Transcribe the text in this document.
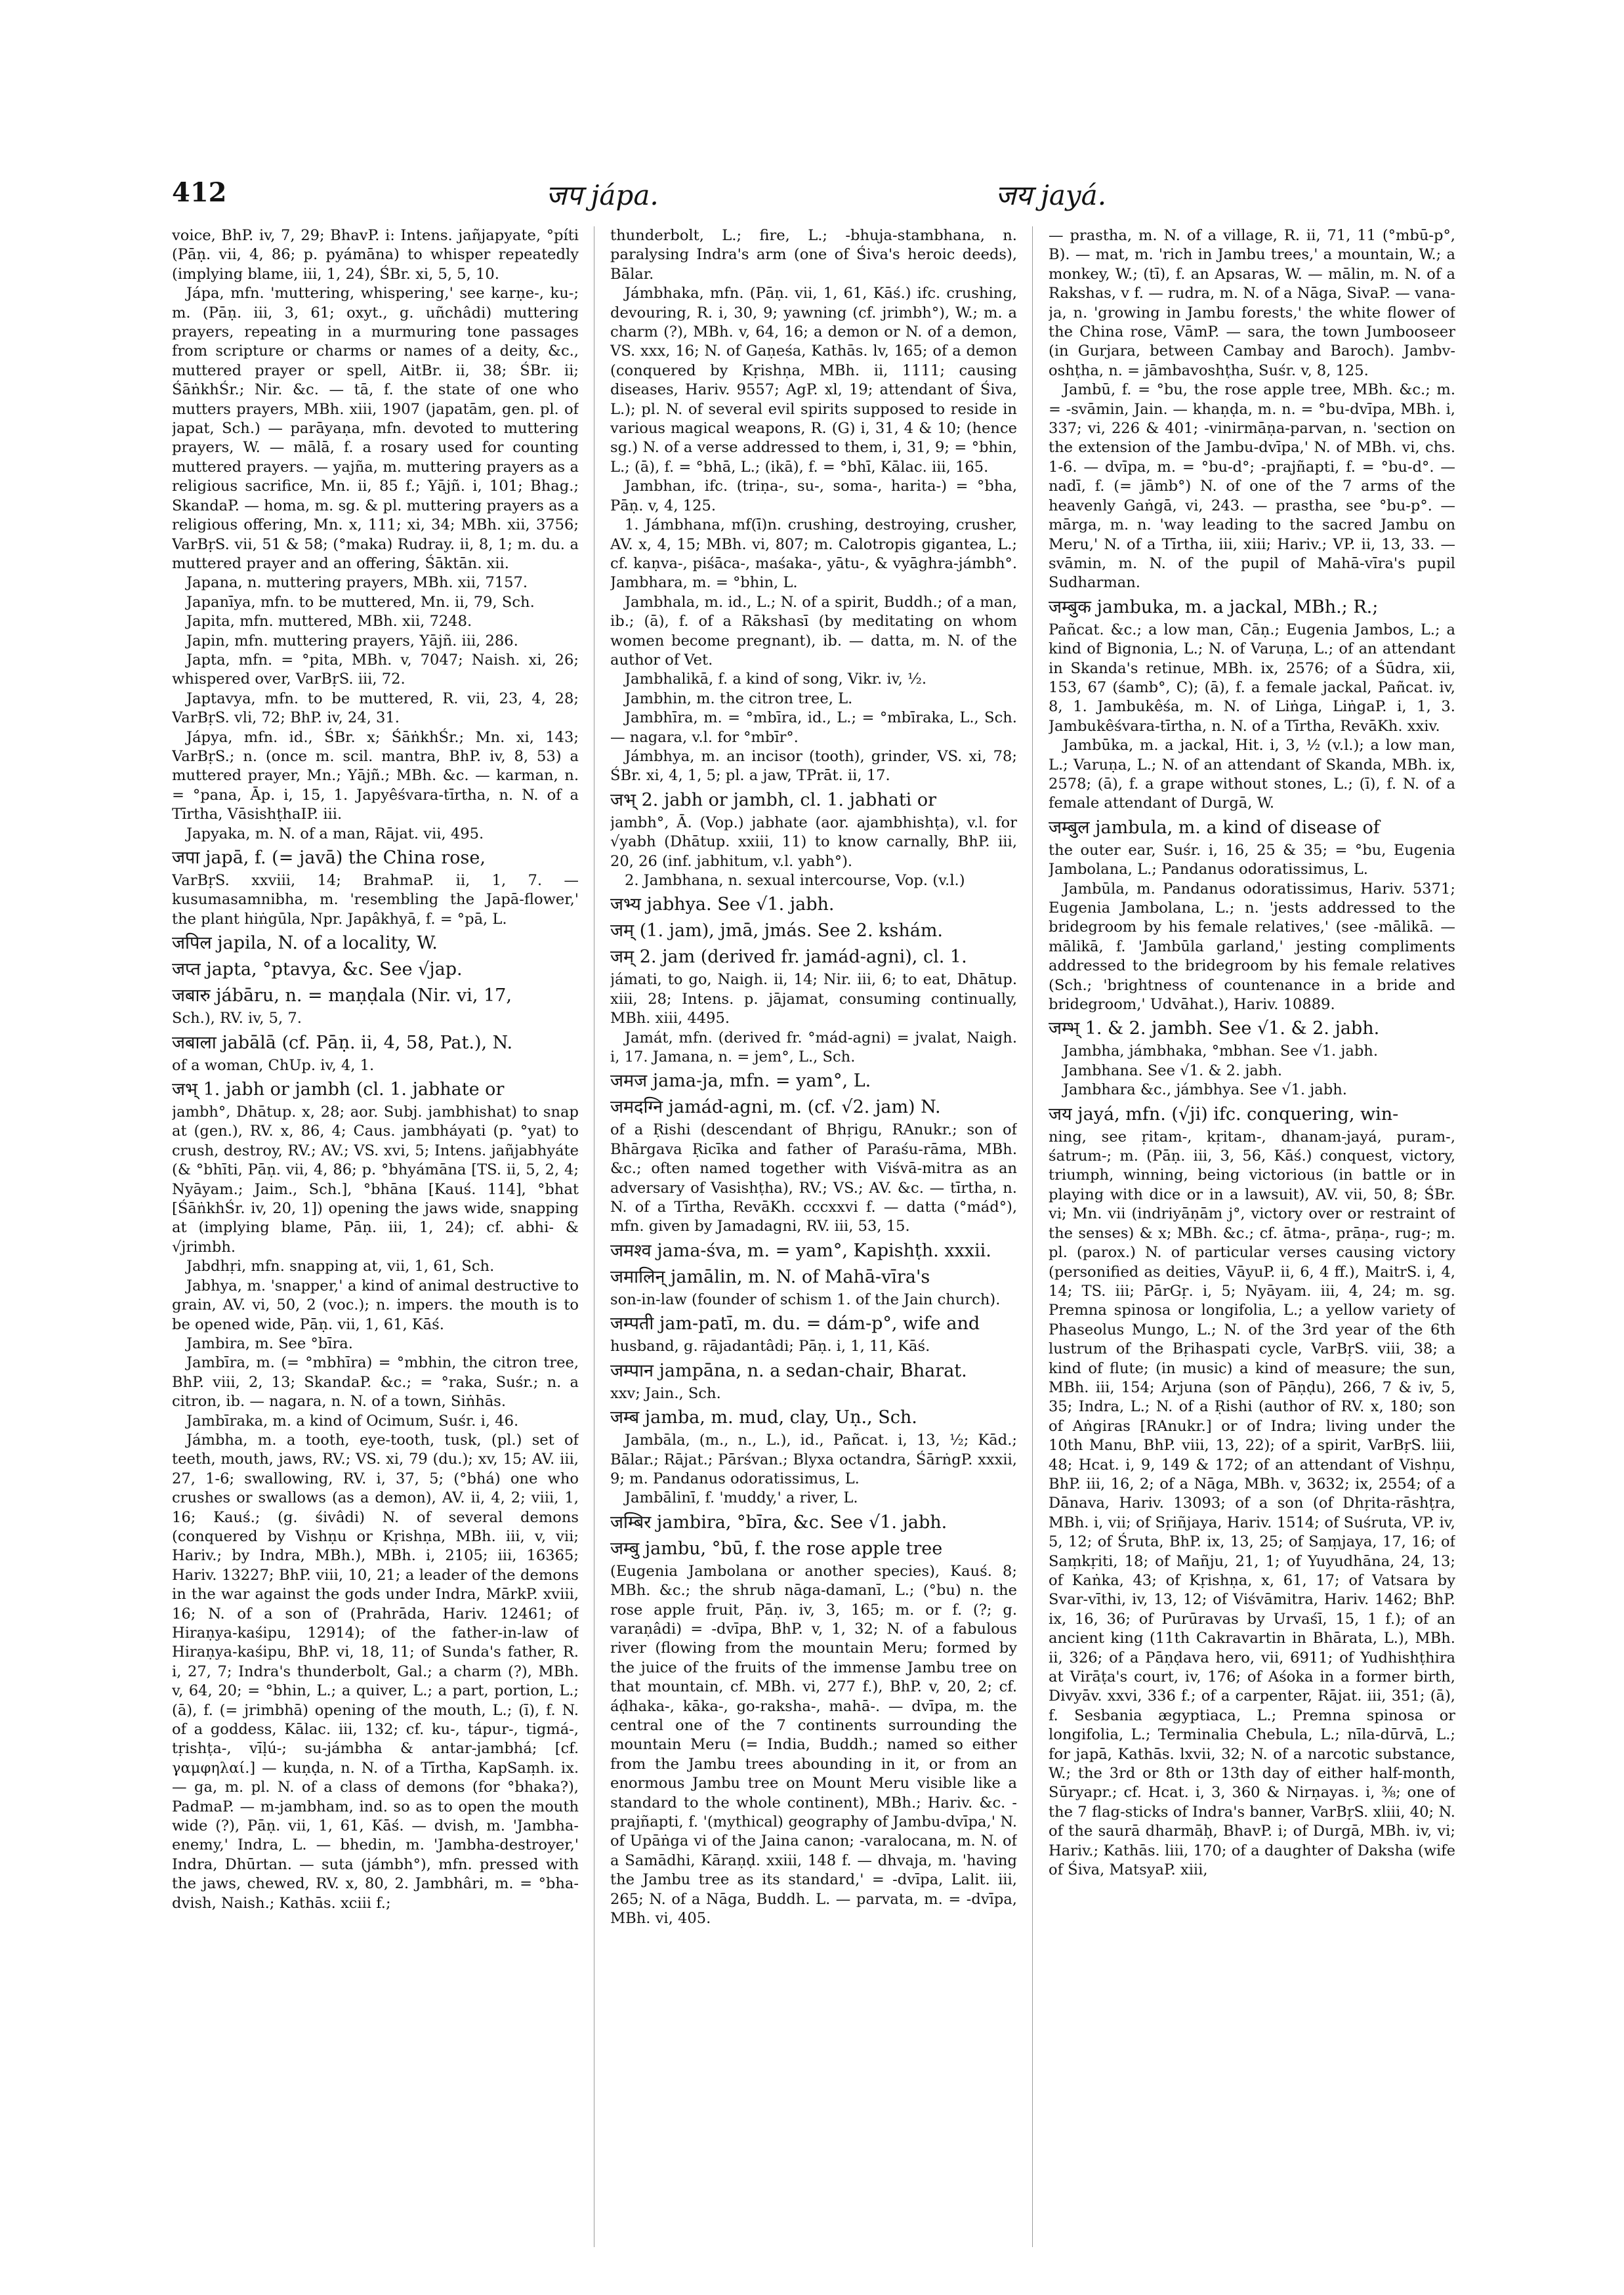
412	जप jápa.	जय jayá.

voice, BhP. iv, 7, 29; BhavP. i: Intens. jañjapyate, °píti (Pāṇ. vii, 4, 86; p. pyámāna) to whisper repeatedly (implying blame, iii, 1, 24), ŚBr. xi, 5, 5, 10.

Jápa, mfn. 'muttering, whispering,' see karṇe-, ku-; m. (Pāṇ. iii, 3, 61; oxyt., g. uñchâdi) muttering prayers, repeating in a murmuring tone passages from scripture or charms or names of a deity, &c., muttered prayer or spell, AitBr. ii, 38; ŚBr. ii; ŚāṅkhŚr.; Nir. &c. — tā, f. the state of one who mutters prayers, MBh. xiii, 1907 (japatām, gen. pl. of japat, Sch.) — parāyaṇa, mfn. devoted to muttering prayers, W. — mālā, f. a rosary used for counting muttered prayers. — yajña, m. muttering prayers as a religious sacrifice, Mn. ii, 85 f.; Yājñ. i, 101; Bhag.; SkandaP. — homa, m. sg. & pl. muttering prayers as a religious offering, Mn. x, 111; xi, 34; MBh. xii, 3756; VarBṛS. vii, 51 & 58; (°maka) Rudray. ii, 8, 1; m. du. a muttered prayer and an offering, Śāktān. xii.

Japana, n. muttering prayers, MBh. xii, 7157.

Japanīya, mfn. to be muttered, Mn. ii, 79, Sch.

Japita, mfn. muttered, MBh. xii, 7248.

Japin, mfn. muttering prayers, Yājñ. iii, 286.

Japta, mfn. = °pita, MBh. v, 7047; Naish. xi, 26; whispered over, VarBṛS. iii, 72.

Japtavya, mfn. to be muttered, R. vii, 23, 4, 28; VarBṛS. vli, 72; BhP. iv, 24, 31.

Jápya, mfn. id., ŚBr. x; ŚāṅkhŚr.; Mn. xi, 143; VarBṛS.; n. (once m. scil. mantra, BhP. iv, 8, 53) a muttered prayer, Mn.; Yājñ.; MBh. &c. — karman, n. = °pana, Āp. i, 15, 1. Japyêśvara-tīrtha, n. N. of a Tīrtha, VāsishṭhaIP. iii.

Japyaka, m. N. of a man, Rājat. vii, 495.

जपा japā, f. (= javā) the China rose,

VarBṛS. xxviii, 14; BrahmaP. ii, 1, 7. — kusumasamnibha, m. 'resembling the Japā-flower,' the plant hiṅgūla, Npr. Japâkhyā, f. = °pā, L.

जपिल japila, N. of a locality, W.

जप्त japta, °ptavya, &c. See √jap.

जबारु jábāru, n. = maṇḍala (Nir. vi, 17,

Sch.), RV. iv, 5, 7.

जबाला jabālā (cf. Pāṇ. ii, 4, 58, Pat.), N.

of a woman, ChUp. iv, 4, 1.

जभ् 1. jabh or jambh (cl. 1. jabhate or

jambh°, Dhātup. x, 28; aor. Subj. jambhishat) to snap at (gen.), RV. x, 86, 4; Caus. jambháyati (p. °yat) to crush, destroy, RV.; AV.; VS. xvi, 5; Intens. jañjabhyáte (& °bhīti, Pāṇ. vii, 4, 86; p. °bhyámāna [TS. ii, 5, 2, 4; Nyāyam.; Jaim., Sch.], °bhāna [Kauś. 114], °bhat [ŚāṅkhŚr. iv, 20, 1]) opening the jaws wide, snapping at (implying blame, Pāṇ. iii, 1, 24); cf. abhi- & √jrimbh.

Jabdhṛi, mfn. snapping at, vii, 1, 61, Sch.

Jabhya, m. 'snapper,' a kind of animal destructive to grain, AV. vi, 50, 2 (voc.); n. impers. the mouth is to be opened wide, Pāṇ. vii, 1, 61, Kāś.

Jambira, m. See °bīra.

Jambīra, m. (= °mbhīra) = °mbhin, the citron tree, BhP. viii, 2, 13; SkandaP. &c.; = °raka, Suśr.; n. a citron, ib. — nagara, n. N. of a town, Siṅhās.

Jambīraka, m. a kind of Ocimum, Suśr. i, 46.

Jámbha, m. a tooth, eye-tooth, tusk, (pl.) set of teeth, mouth, jaws, RV.; VS. xi, 79 (du.); xv, 15; AV. iii, 27, 1-6; swallowing, RV. i, 37, 5; (°bhá) one who crushes or swallows (as a demon), AV. ii, 4, 2; viii, 1, 16; Kauś.; (g. śivâdi) N. of several demons (conquered by Vishṇu or Kṛishṇa, MBh. iii, v, vii; Hariv.; by Indra, MBh.), MBh. i, 2105; iii, 16365; Hariv. 13227; BhP. viii, 10, 21; a leader of the demons in the war against the gods under Indra, MārkP. xviii, 16; N. of a son of (Prahrāda, Hariv. 12461; of Hiraṇya-kaśipu, 12914); of the father-in-law of Hiraṇya-kaśipu, BhP. vi, 18, 11; of Sunda's father, R. i, 27, 7; Indra's thunderbolt, Gal.; a charm (?), MBh. v, 64, 20; = °bhin, L.; a quiver, L.; a part, portion, L.; (ā), f. (= jrimbhā) opening of the mouth, L.; (ī), f. N. of a goddess, Kālac. iii, 132; cf. ku-, tápur-, tigmá-, tṛishṭa-, vīḷú-; su-jámbha & antar-jambhá; [cf. γαμφηλαί.] — kuṇḍa, n. N. of a Tīrtha, KapSaṃh. ix. — ga, m. pl. N. of a class of demons (for °bhaka?), PadmaP. — m-jambham, ind. so as to open the mouth wide (?), Pāṇ. vii, 1, 61, Kāś. — dvish, m. 'Jambha-enemy,' Indra, L. — bhedin, m. 'Jambha-destroyer,' Indra, Dhūrtan. — suta (jámbh°), mfn. pressed with the jaws, chewed, RV. x, 80, 2. Jambhâri, m. = °bha-dvish, Naish.; Kathās. xciii f.;

thunderbolt, L.; fire, L.; -bhuja-stambhana, n. paralysing Indra's arm (one of Śiva's heroic deeds), Bālar.

Jámbhaka, mfn. (Pāṇ. vii, 1, 61, Kāś.) ifc. crushing, devouring, R. i, 30, 9; yawning (cf. jrimbh°), W.; m. a charm (?), MBh. v, 64, 16; a demon or N. of a demon, VS. xxx, 16; N. of Gaṇeśa, Kathās. lv, 165; of a demon (conquered by Kṛishṇa, MBh. ii, 1111; causing diseases, Hariv. 9557; AgP. xl, 19; attendant of Śiva, L.); pl. N. of several evil spirits supposed to reside in various magical weapons, R. (G) i, 31, 4 & 10; (hence sg.) N. of a verse addressed to them, i, 31, 9; = °bhin, L.; (ā), f. = °bhā, L.; (ikā), f. = °bhī, Kālac. iii, 165.

Jambhan, ifc. (triṇa-, su-, soma-, harita-) = °bha, Pāṇ. v, 4, 125.

1. Jámbhana, mf(ī)n. crushing, destroying, crusher, AV. x, 4, 15; MBh. vi, 807; m. Calotropis gigantea, L.; cf. kaṇva-, piśāca-, maśaka-, yātu-, & vyāghra-jámbh°. Jambhara, m. = °bhin, L.

Jambhala, m. id., L.; N. of a spirit, Buddh.; of a man, ib.; (ā), f. of a Rākshasī (by meditating on whom women become pregnant), ib. — datta, m. N. of the author of Vet.

Jambhalikā, f. a kind of song, Vikr. iv, ½.

Jambhin, m. the citron tree, L.

Jambhīra, m. = °mbīra, id., L.; = °mbīraka, L., Sch. — nagara, v.l. for °mbīr°.

Jámbhya, m. an incisor (tooth), grinder, VS. xi, 78; ŚBr. xi, 4, 1, 5; pl. a jaw, TPrāt. ii, 17.

जभ् 2. jabh or jambh, cl. 1. jabhati or

jambh°, Ā. (Vop.) jabhate (aor. ajambhishṭa), v.l. for √yabh (Dhātup. xxiii, 11) to know carnally, BhP. iii, 20, 26 (inf. jabhitum, v.l. yabh°).

2. Jambhana, n. sexual intercourse, Vop. (v.l.)

जभ्य jabhya. See √1. jabh.

जम् (1. jam), jmā, jmás. See 2. kshám.

जम् 2. jam (derived fr. jamád-agni), cl. 1.

jámati, to go, Naigh. ii, 14; Nir. iii, 6; to eat, Dhātup. xiii, 28; Intens. p. jājamat, consuming continually, MBh. xiii, 4495.

Jamát, mfn. (derived fr. °mád-agni) = jvalat, Naigh. i, 17. Jamana, n. = jem°, L., Sch.

जमज jama-ja, mfn. = yam°, L.

जमदग्नि jamád-agni, m. (cf. √2. jam) N.

of a Ṛishi (descendant of Bhṛigu, RAnukr.; son of Bhārgava Ṛicīka and father of Paraśu-rāma, MBh. &c.; often named together with Viśvā-mitra as an adversary of Vasishṭha), RV.; VS.; AV. &c. — tīrtha, n. N. of a Tīrtha, RevāKh. cccxxvi f. — datta (°mád°), mfn. given by Jamadagni, RV. iii, 53, 15.

जमश्व jama-śva, m. = yam°, Kapishṭh. xxxii.

जमालिन् jamālin, m. N. of Mahā-vīra's

son-in-law (founder of schism 1. of the Jain church).

जम्पती jam-patī, m. du. = dám-p°, wife and

husband, g. rājadantâdi; Pāṇ. i, 1, 11, Kāś.

जम्पान jampāna, n. a sedan-chair, Bharat.

xxv; Jain., Sch.

जम्ब jamba, m. mud, clay, Uṇ., Sch.

Jambāla, (m., n., L.), id., Pañcat. i, 13, ½; Kād.; Bālar.; Rājat.; Pārśvan.; Blyxa octandra, ŚārṅgP. xxxii, 9; m. Pandanus odoratissimus, L.

Jambālinī, f. 'muddy,' a river, L.

जम्बिर jambira, °bīra, &c. See √1. jabh.

जम्बु jambu, °bū, f. the rose apple tree

(Eugenia Jambolana or another species), Kauś. 8; MBh. &c.; the shrub nāga-damanī, L.; (°bu) n. the rose apple fruit, Pāṇ. iv, 3, 165; m. or f. (?; g. varaṇâdi) = -dvīpa, BhP. v, 1, 32; N. of a fabulous river (flowing from the mountain Meru; formed by the juice of the fruits of the immense Jambu tree on that mountain, cf. MBh. vi, 277 f.), BhP. v, 20, 2; cf. áḍhaka-, kāka-, go-raksha-, mahā-. — dvīpa, m. the central one of the 7 continents surrounding the mountain Meru (= India, Buddh.; named so either from the Jambu trees abounding in it, or from an enormous Jambu tree on Mount Meru visible like a standard to the whole continent), MBh.; Hariv. &c. -prajñapti, f. '(mythical) geography of Jambu-dvīpa,' N. of Upāṅga vi of the Jaina canon; -varalocana, m. N. of a Samādhi, Kāraṇḍ. xxiii, 148 f. — dhvaja, m. 'having the Jambu tree as its standard,' = -dvīpa, Lalit. iii, 265; N. of a Nāga, Buddh. L. — parvata, m. = -dvīpa, MBh. vi, 405.

— prastha, m. N. of a village, R. ii, 71, 11 (°mbū-p°, B). — mat, m. 'rich in Jambu trees,' a mountain, W.; a monkey, W.; (tī), f. an Apsaras, W. — mālin, m. N. of a Rakshas, v f. — rudra, m. N. of a Nāga, SivaP. — vana-ja, n. 'growing in Jambu forests,' the white flower of the China rose, VāmP. — sara, the town Jumbooseer (in Gurjara, between Cambay and Baroch). Jambv-oshṭha, n. = jāmbavoshṭha, Suśr. v, 8, 125.

Jambū, f. = °bu, the rose apple tree, MBh. &c.; m. = -svāmin, Jain. — khaṇḍa, m. n. = °bu-dvīpa, MBh. i, 337; vi, 226 & 401; -vinirmāṇa-parvan, n. 'section on the extension of the Jambu-dvīpa,' N. of MBh. vi, chs. 1-6. — dvīpa, m. = °bu-d°; -prajñapti, f. = °bu-d°. — nadī, f. (= jāmb°) N. of one of the 7 arms of the heavenly Gaṅgā, vi, 243. — prastha, see °bu-p°. — mārga, m. n. 'way leading to the sacred Jambu on Meru,' N. of a Tīrtha, iii, xiii; Hariv.; VP. ii, 13, 33. — svāmin, m. N. of the pupil of Mahā-vīra's pupil Sudharman.

जम्बुक jambuka, m. a jackal, MBh.; R.;

Pañcat. &c.; a low man, Cāṇ.; Eugenia Jambos, L.; a kind of Bignonia, L.; N. of Varuṇa, L.; of an attendant in Skanda's retinue, MBh. ix, 2576; of a Śūdra, xii, 153, 67 (śamb°, C); (ā), f. a female jackal, Pañcat. iv, 8, 1. Jambukêśa, m. N. of Liṅga, LiṅgaP. i, 1, 3. Jambukêśvara-tīrtha, n. N. of a Tīrtha, RevāKh. xxiv.

Jambūka, m. a jackal, Hit. i, 3, ½ (v.l.); a low man, L.; Varuṇa, L.; N. of an attendant of Skanda, MBh. ix, 2578; (ā), f. a grape without stones, L.; (ī), f. N. of a female attendant of Durgā, W.

जम्बुल jambula, m. a kind of disease of

the outer ear, Suśr. i, 16, 25 & 35; = °bu, Eugenia Jambolana, L.; Pandanus odoratissimus, L.

Jambūla, m. Pandanus odoratissimus, Hariv. 5371; Eugenia Jambolana, L.; n. 'jests addressed to the bridegroom by his female relatives,' (see -mālikā. — mālikā, f. 'Jambūla garland,' jesting compliments addressed to the bridegroom by his female relatives (Sch.; 'brightness of countenance in a bride and bridegroom,' Udvāhat.), Hariv. 10889.

जम्भ् 1. & 2. jambh. See √1. & 2. jabh.

Jambha, jámbhaka, °mbhan. See √1. jabh.

Jambhana. See √1. & 2. jabh.

Jambhara &c., jámbhya. See √1. jabh.

जय jayá, mfn. (√ji) ifc. conquering, win-

ning, see ṛitam-, kṛitam-, dhanam-jayá, puram-, śatrum-; m. (Pāṇ. iii, 3, 56, Kāś.) conquest, victory, triumph, winning, being victorious (in battle or in playing with dice or in a lawsuit), AV. vii, 50, 8; ŚBr. vi; Mn. vii (indriyāṇām j°, victory over or restraint of the senses) & x; MBh. &c.; cf. ātma-, prāṇa-, rug-; m. pl. (parox.) N. of particular verses causing victory (personified as deities, VāyuP. ii, 6, 4 ff.), MaitrS. i, 4, 14; TS. iii; PārGṛ. i, 5; Nyāyam. iii, 4, 24; m. sg. Premna spinosa or longifolia, L.; a yellow variety of Phaseolus Mungo, L.; N. of the 3rd year of the 6th lustrum of the Bṛihaspati cycle, VarBṛS. viii, 38; a kind of flute; (in music) a kind of measure; the sun, MBh. iii, 154; Arjuna (son of Pāṇḍu), 266, 7 & iv, 5, 35; Indra, L.; N. of a Ṛishi (author of RV. x, 180; son of Aṅgiras [RAnukr.] or of Indra; living under the 10th Manu, BhP. viii, 13, 22); of a spirit, VarBṛS. liii, 48; Hcat. i, 9, 149 & 172; of an attendant of Vishṇu, BhP. iii, 16, 2; of a Nāga, MBh. v, 3632; ix, 2554; of a Dānava, Hariv. 13093; of a son (of Dhṛita-rāshṭra, MBh. i, vii; of Sṛiñjaya, Hariv. 1514; of Suśruta, VP. iv, 5, 12; of Śruta, BhP. ix, 13, 25; of Saṃjaya, 17, 16; of Saṃkṛiti, 18; of Mañju, 21, 1; of Yuyudhāna, 24, 13; of Kaṅka, 43; of Kṛishṇa, x, 61, 17; of Vatsara by Svar-vīthi, iv, 13, 12; of Viśvāmitra, Hariv. 1462; BhP. ix, 16, 36; of Purūravas by Urvaśī, 15, 1 f.); of an ancient king (11th Cakravartin in Bhārata, L.), MBh. ii, 326; of a Pāṇḍava hero, vii, 6911; of Yudhishṭhira at Virāṭa's court, iv, 176; of Aśoka in a former birth, Divyāv. xxvi, 336 f.; of a carpenter, Rājat. iii, 351; (ā), f. Sesbania ægyptiaca, L.; Premna spinosa or longifolia, L.; Terminalia Chebula, L.; nīla-dūrvā, L.; for japā, Kathās. lxvii, 32; N. of a narcotic substance, W.; the 3rd or 8th or 13th day of either half-month, Sūryapr.; cf. Hcat. i, 3, 360 & Nirṇayas. i, ⅜; one of the 7 flag-sticks of Indra's banner, VarBṛS. xliii, 40; N. of the saurā dharmāḥ, BhavP. i; of Durgā, MBh. iv, vi; Hariv.; Kathās. liii, 170; of a daughter of Daksha (wife of Śiva, MatsyaP. xiii,
